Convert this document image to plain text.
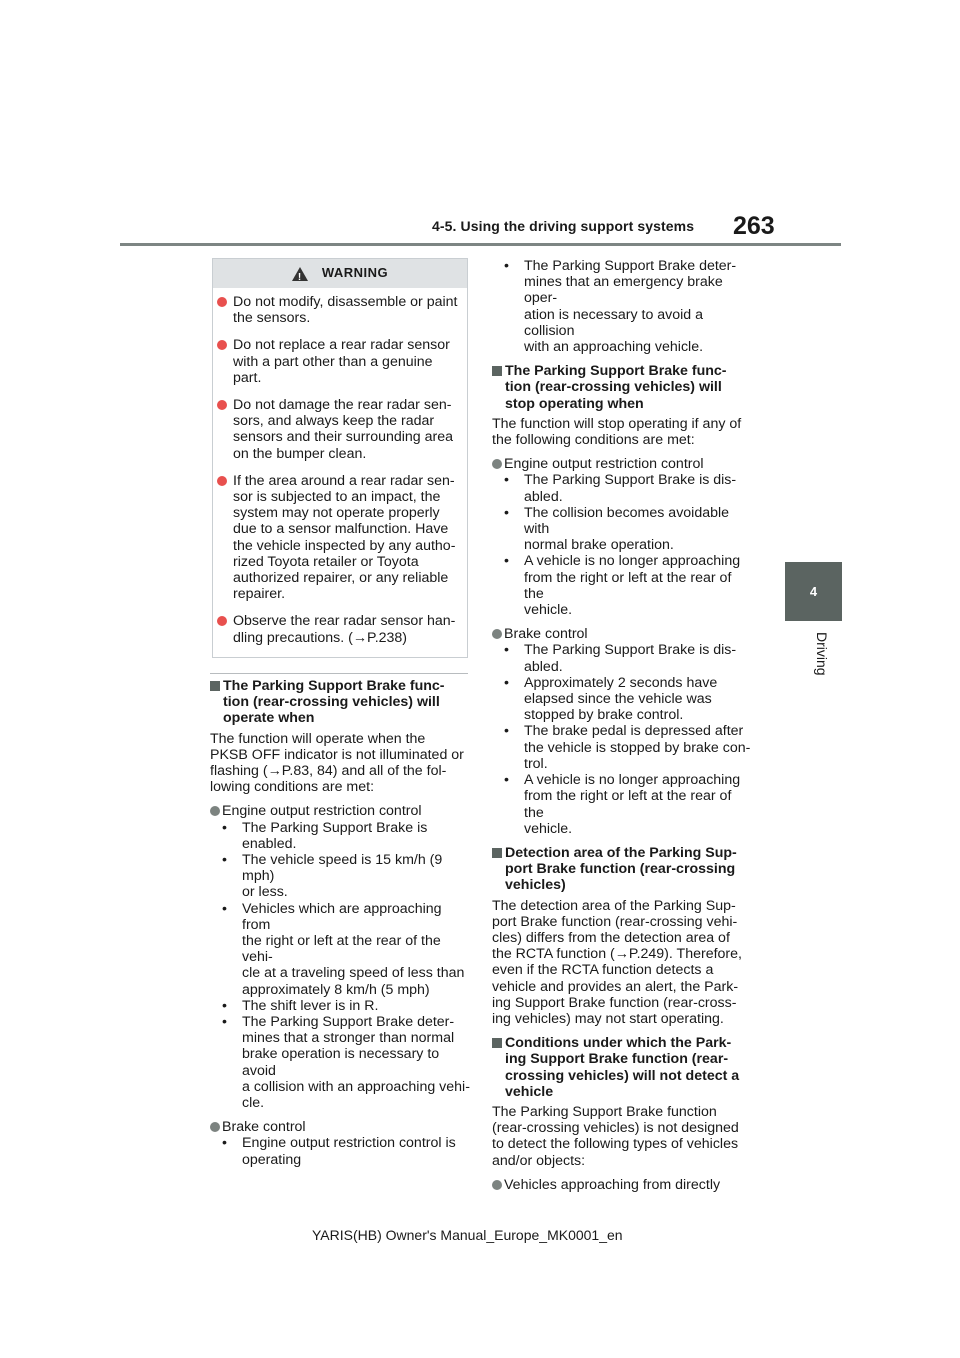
4-5. Using the driving support systems 263
4
Driving
! WARNING
Do not modify, disassemble or paint
the sensors.
Do not replace a rear radar sensor
with a part other than a genuine
part.
Do not damage the rear radar sen-
sors, and always keep the radar
sensors and their surrounding area
on the bumper clean.
If the area around a rear radar sen-
sor is subjected to an impact, the
system may not operate properly
due to a sensor malfunction. Have
the vehicle inspected by any autho-
rized Toyota retailer or Toyota
authorized repairer, or any reliable
repairer.
Observe the rear radar sensor han-
dling precautions. (→P.238)
The Parking Support Brake func-
tion (rear-crossing vehicles) will
operate when
The function will operate when the
PKSB OFF indicator is not illuminated or
flashing (→P.83, 84) and all of the fol-
lowing conditions are met:
Engine output restriction control
• The Parking Support Brake is
enabled.
• The vehicle speed is 15 km/h (9 mph)
or less.
• Vehicles which are approaching from
the right or left at the rear of the vehi-
cle at a traveling speed of less than
approximately 8 km/h (5 mph)
• The shift lever is in R.
• The Parking Support Brake deter-
mines that a stronger than normal
brake operation is necessary to avoid
a collision with an approaching vehi-
cle.
Brake control
• Engine output restriction control is
operating
• The Parking Support Brake deter-
mines that an emergency brake oper-
ation is necessary to avoid a collision
with an approaching vehicle.
The Parking Support Brake func-
tion (rear-crossing vehicles) will
stop operating when
The function will stop operating if any of
the following conditions are met:
Engine output restriction control
• The Parking Support Brake is dis-
abled.
• The collision becomes avoidable with
normal brake operation.
• A vehicle is no longer approaching
from the right or left at the rear of the
vehicle.
Brake control
• The Parking Support Brake is dis-
abled.
• Approximately 2 seconds have
elapsed since the vehicle was
stopped by brake control.
• The brake pedal is depressed after
the vehicle is stopped by brake con-
trol.
• A vehicle is no longer approaching
from the right or left at the rear of the
vehicle.
Detection area of the Parking Sup-
port Brake function (rear-crossing
vehicles)
The detection area of the Parking Sup-
port Brake function (rear-crossing vehi-
cles) differs from the detection area of
the RCTA function (→P.249). Therefore,
even if the RCTA function detects a
vehicle and provides an alert, the Park-
ing Support Brake function (rear-cross-
ing vehicles) may not start operating.
Conditions under which the Park-
ing Support Brake function (rear-
crossing vehicles) will not detect a
vehicle
The Parking Support Brake function
(rear-crossing vehicles) is not designed
to detect the following types of vehicles
and/or objects:
Vehicles approaching from directly
YARIS(HB) Owner's Manual_Europe_MK0001_en
